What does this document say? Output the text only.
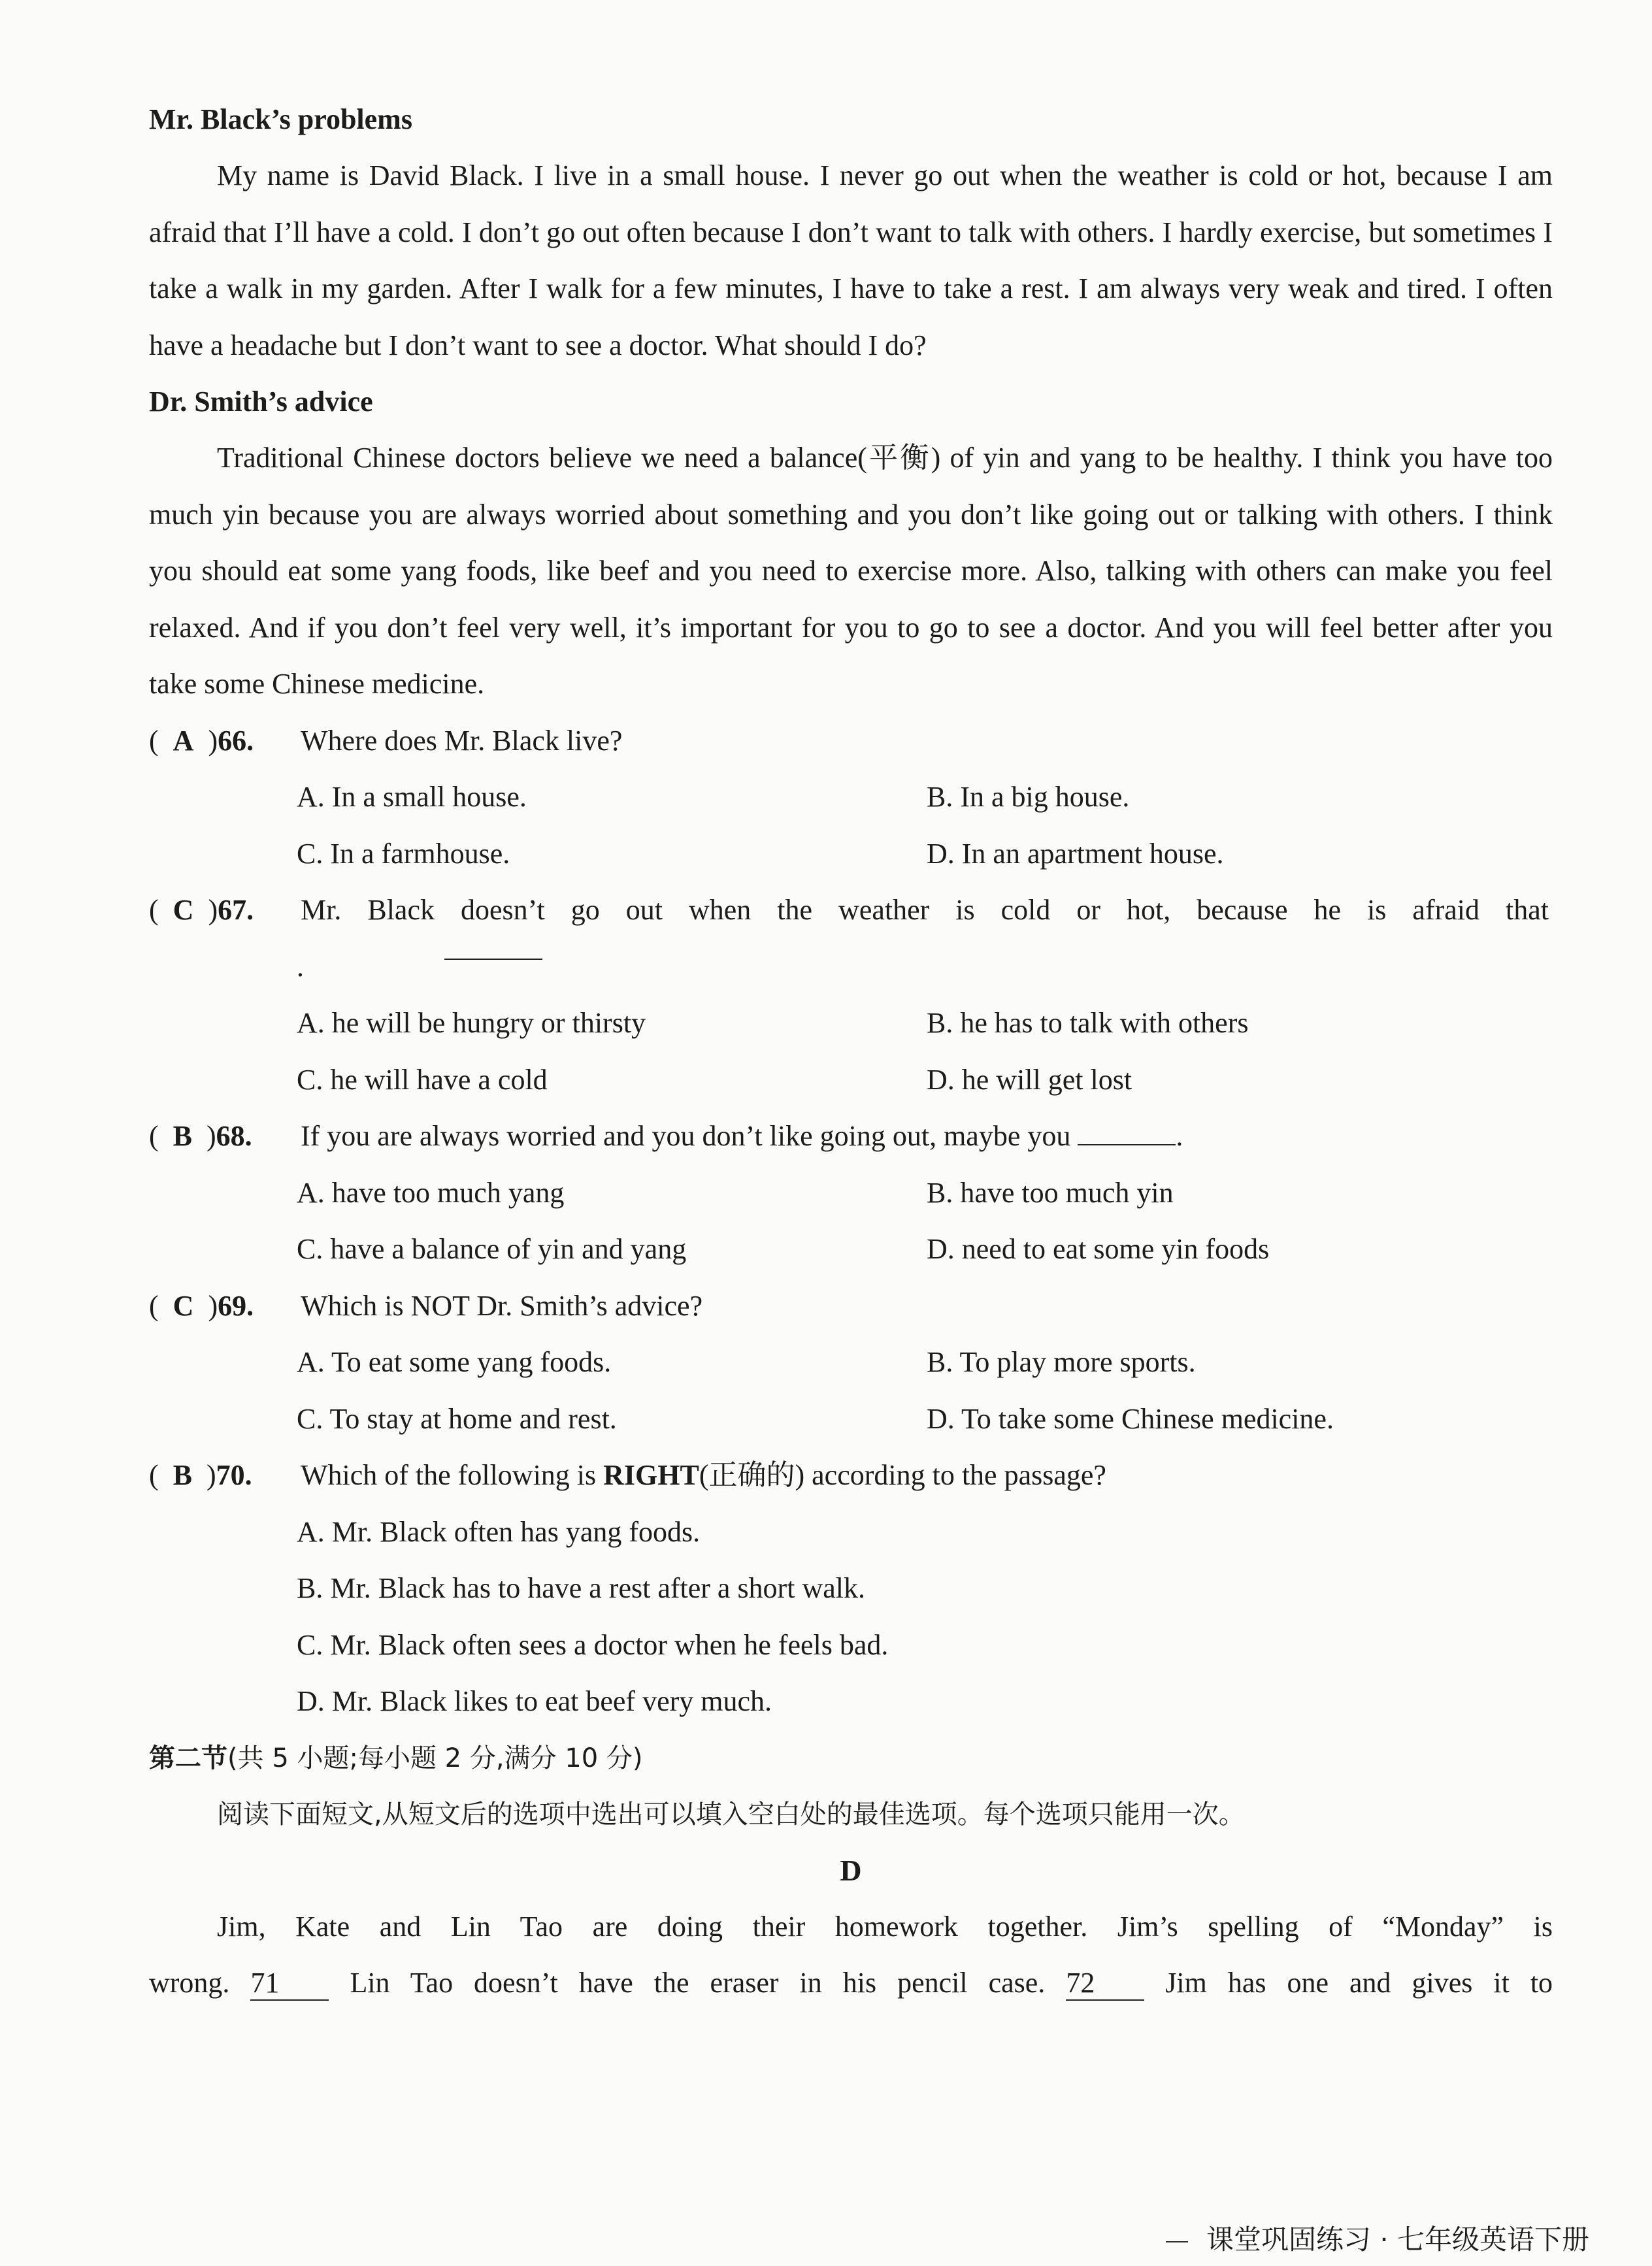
Mr. Black’s problems

My name is David Black. I live in a small house. I never go out when the weather is cold or hot, because I am afraid that I’ll have a cold. I don’t go out often because I don’t want to talk with others. I hardly exercise, but sometimes I take a walk in my garden. After I walk for a few minutes, I have to take a rest. I am always very weak and tired. I often have a headache but I don’t want to see a doctor. What should I do?

Dr. Smith’s advice

Traditional Chinese doctors believe we need a balance(平衡) of yin and yang to be healthy. I think you have too much yin because you are always worried about something and you don’t like going out or talking with others. I think you should eat some yang foods, like beef and you need to exercise more. Also, talking with others can make you feel relaxed. And if you don’t feel very well, it’s important for you to go to see a doctor. And you will feel better after you take some Chinese medicine.

(  A  )66. Where does Mr. Black live?
A. In a small house.	B. In a big house.
C. In a farmhouse.	D. In an apartment house.
(  C  )67. Mr. Black doesn’t go out when the weather is cold or hot, because he is afraid that
.
A. he will be hungry or thirsty	B. he has to talk with others
C. he will have a cold	D. he will get lost
(  B  )68. If you are always worried and you don’t like going out, maybe you	.
A. have too much yang	B. have too much yin
C. have a balance of yin and yang	D. need to eat some yin foods
(  C  )69. Which is NOT Dr. Smith’s advice?
A. To eat some yang foods.	B. To play more sports.
C. To stay at home and rest.	D. To take some Chinese medicine.
(  B  )70. Which of the following is RIGHT(正确的) according to the passage?
A. Mr. Black often has yang foods.
B. Mr. Black has to have a rest after a short walk.
C. Mr. Black often sees a doctor when he feels bad.
D. Mr. Black likes to eat beef very much.
第二节(共 5 小题;每小题 2 分,满分 10 分)
阅读下面短文,从短文后的选项中选出可以填入空白处的最佳选项。每个选项只能用一次。
D
Jim, Kate and Lin Tao are doing their homework together. Jim’s spelling of “Monday” is
wrong. 71 Lin Tao doesn’t have the eraser in his pencil case. 72 Jim has one and gives it to
课堂巩固练习 · 七年级英语下册
